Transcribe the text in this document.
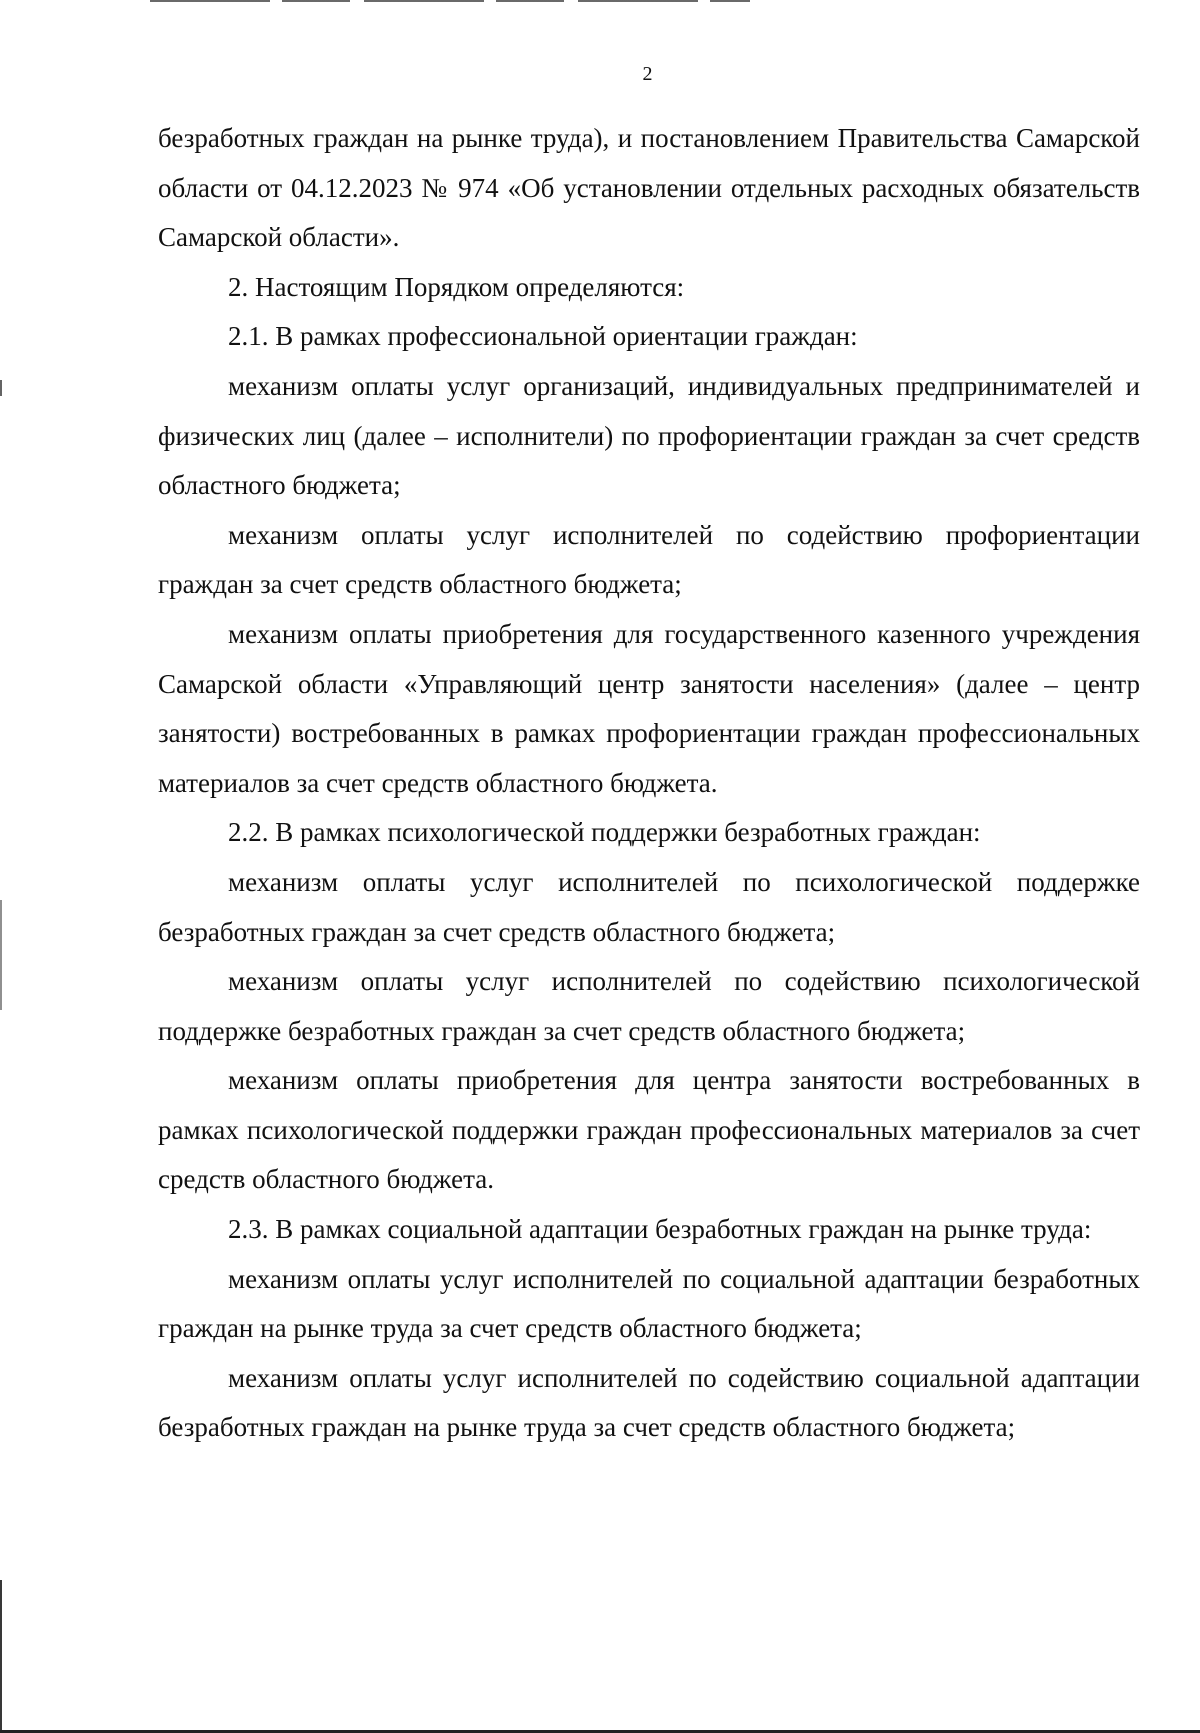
2

безработных граждан на рынке труда), и постановлением Правительства Самарской области от 04.12.2023 № 974 «Об установлении отдельных расходных обязательств Самарской области».

2. Настоящим Порядком определяются:

2.1. В рамках профессиональной ориентации граждан:

механизм оплаты услуг организаций, индивидуальных предпринимателей и физических лиц (далее – исполнители) по профориентации граждан за счет средств областного бюджета;

механизм оплаты услуг исполнителей по содействию профориентации граждан за счет средств областного бюджета;

механизм оплаты приобретения для государственного казенного учреждения Самарской области «Управляющий центр занятости населения» (далее – центр занятости) востребованных в рамках профориентации граждан профессиональных материалов за счет средств областного бюджета.

2.2. В рамках психологической поддержки безработных граждан:

механизм оплаты услуг исполнителей по психологической поддержке безработных граждан за счет средств областного бюджета;

механизм оплаты услуг исполнителей по содействию психологической поддержке безработных граждан за счет средств областного бюджета;

механизм оплаты приобретения для центра занятости востребованных в рамках психологической поддержки граждан профессиональных материалов за счет средств областного бюджета.

2.3. В рамках социальной адаптации безработных граждан на рынке труда:

механизм оплаты услуг исполнителей по социальной адаптации безработных граждан на рынке труда за счет средств областного бюджета;

механизм оплаты услуг исполнителей по содействию социальной адаптации безработных граждан на рынке труда за счет средств областного бюджета;
